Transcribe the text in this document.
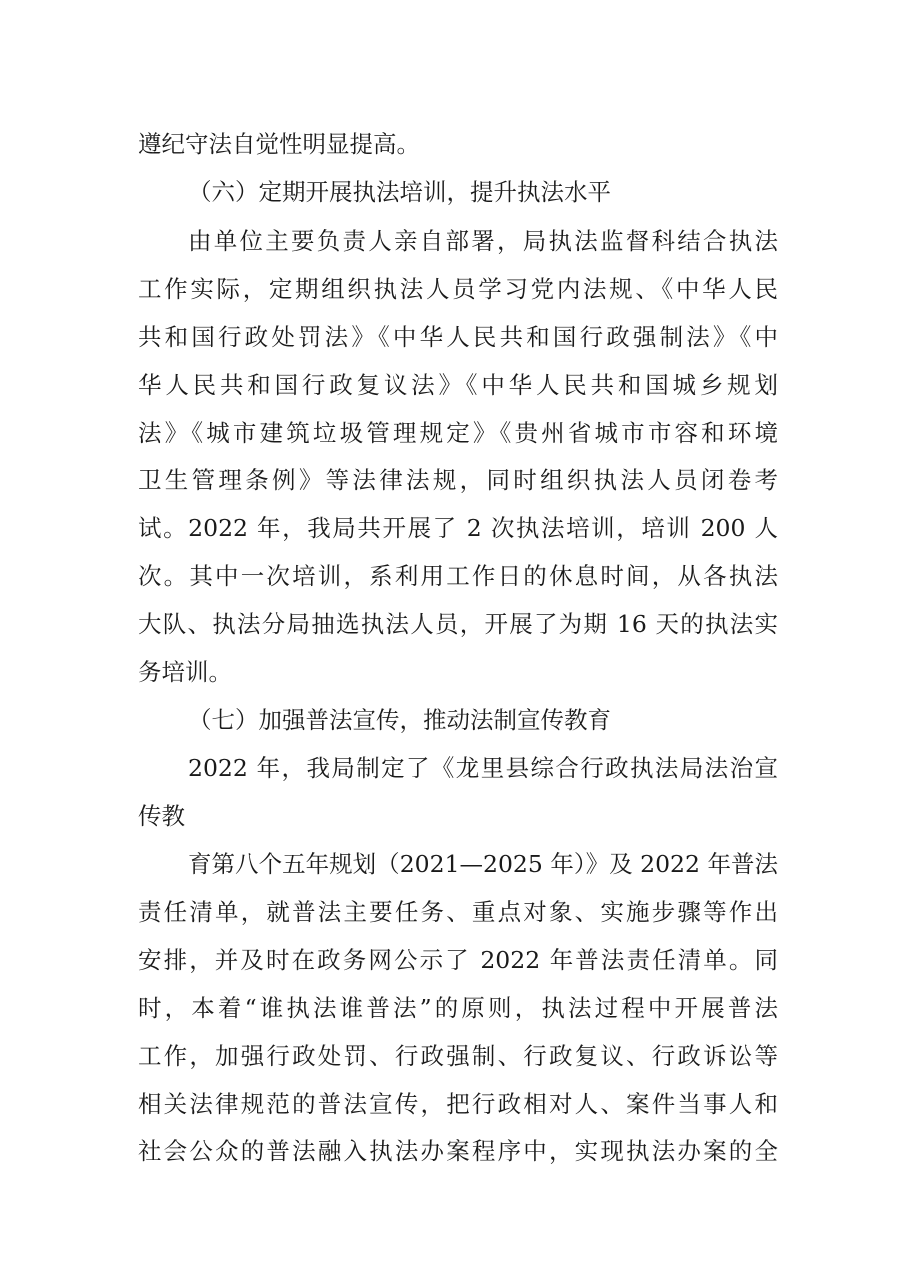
遵纪守法自觉性明显提高。
（六）定期开展执法培训，提升执法水平
由单位主要负责人亲自部署，局执法监督科结合执法
工作实际，定期组织执法人员学习党内法规、《中华人民
共和国行政处罚法》《中华人民共和国行政强制法》《中
华人民共和国行政复议法》《中华人民共和国城乡规划
法》《城市建筑垃圾管理规定》《贵州省城市市容和环境
卫生管理条例》等法律法规，同时组织执法人员闭卷考
试。2022 年，我局共开展了 2 次执法培训，培训 200 人
次。其中一次培训，系利用工作日的休息时间，从各执法
大队、执法分局抽选执法人员，开展了为期 16 天的执法实
务培训。
（七）加强普法宣传，推动法制宣传教育
2022 年，我局制定了《龙里县综合行政执法局法治宣
传教
育第八个五年规划（2021—2025 年）》及 2022 年普法
责任清单，就普法主要任务、重点对象、实施步骤等作出
安排，并及时在政务网公示了 2022 年普法责任清单。同
时，本着“谁执法谁普法”的原则，执法过程中开展普法
工作，加强行政处罚、行政强制、行政复议、行政诉讼等
相关法律规范的普法宣传，把行政相对人、案件当事人和
社会公众的普法融入执法办案程序中，实现执法办案的全
